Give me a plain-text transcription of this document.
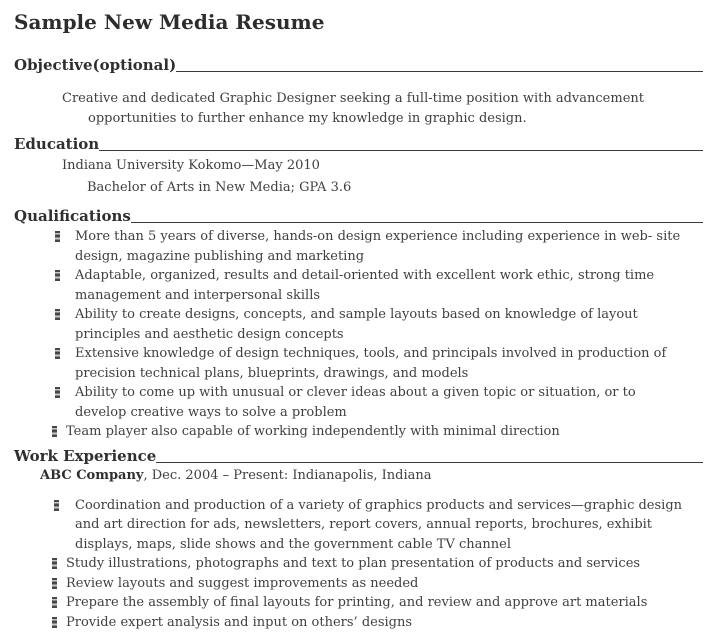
Sample New Media Resume
Objective(optional)
Creative and dedicated Graphic Designer seeking a full-time position with advancement
opportunities to further enhance my knowledge in graphic design.
Education
Indiana University Kokomo—May 2010
Bachelor of Arts in New Media; GPA 3.6
Qualifications
More than 5 years of diverse, hands-on design experience including experience in web- site
design, magazine publishing and marketing
Adaptable, organized, results and detail-oriented with excellent work ethic, strong time
management and interpersonal skills
Ability to create designs, concepts, and sample layouts based on knowledge of layout
principles and aesthetic design concepts
Extensive knowledge of design techniques, tools, and principals involved in production of
precision technical plans, blueprints, drawings, and models
Ability to come up with unusual or clever ideas about a given topic or situation, or to
develop creative ways to solve a problem
Team player also capable of working independently with minimal direction
Work Experience
ABC Company, Dec. 2004 – Present: Indianapolis, Indiana
Coordination and production of a variety of graphics products and services—graphic design
and art direction for ads, newsletters, report covers, annual reports, brochures, exhibit
displays, maps, slide shows and the government cable TV channel
Study illustrations, photographs and text to plan presentation of products and services
Review layouts and suggest improvements as needed
Prepare the assembly of final layouts for printing, and review and approve art materials
Provide expert analysis and input on others’ designs
